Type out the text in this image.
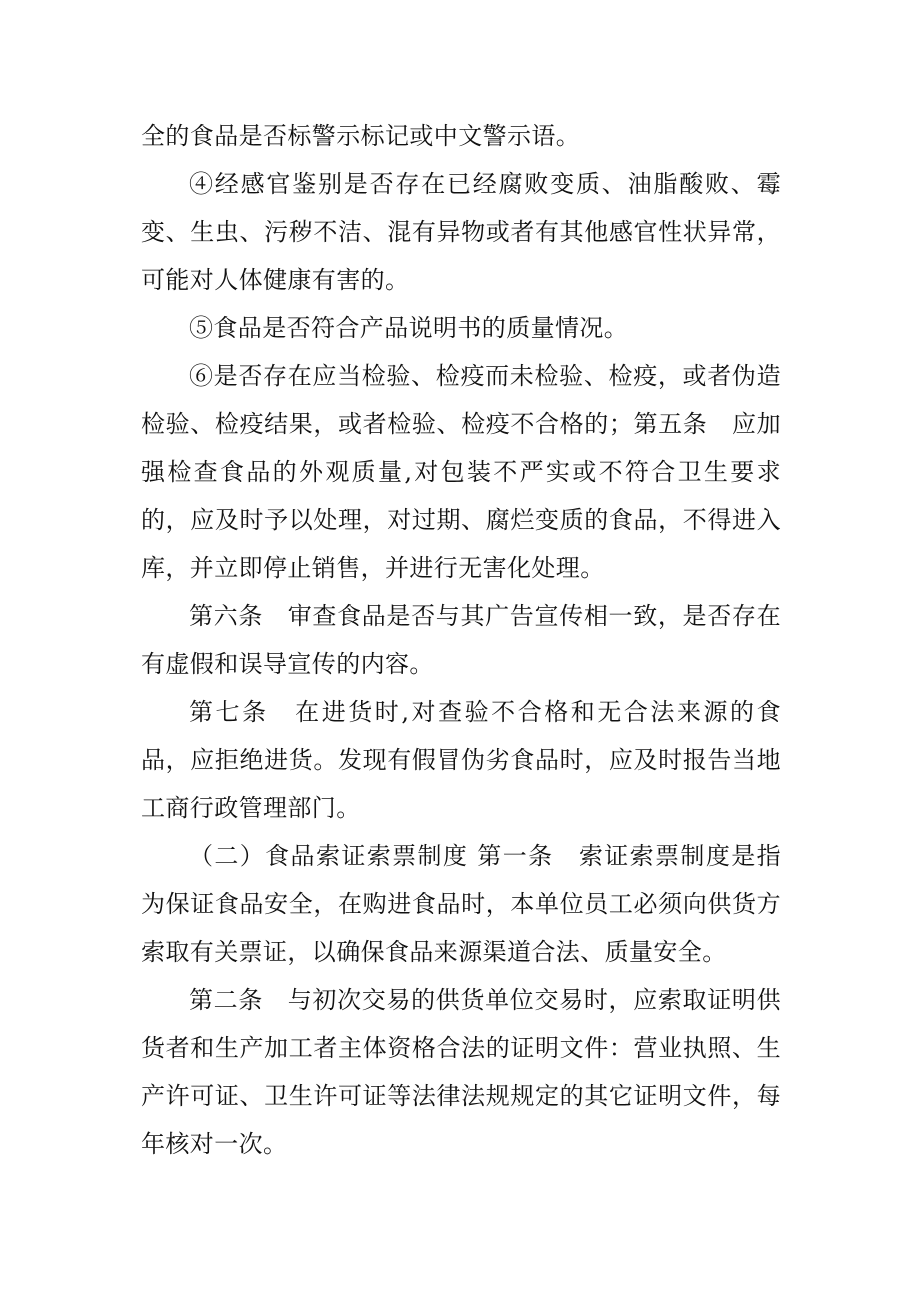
全的食品是否标警示标记或中文警示语。

④经感官鉴别是否存在已经腐败变质、油脂酸败、霉变、生虫、污秽不洁、混有异物或者有其他感官性状异常，可能对人体健康有害的。

⑤食品是否符合产品说明书的质量情况。

⑥是否存在应当检验、检疫而未检验、检疫，或者伪造检验、检疫结果，或者检验、检疫不合格的；第五条　应加强检查食品的外观质量,对包装不严实或不符合卫生要求的，应及时予以处理，对过期、腐烂变质的食品，不得进入库，并立即停止销售，并进行无害化处理。

第六条　审查食品是否与其广告宣传相一致，是否存在有虚假和误导宣传的内容。

第七条　在进货时,对查验不合格和无合法来源的食品，应拒绝进货。发现有假冒伪劣食品时，应及时报告当地工商行政管理部门。

（二）食品索证索票制度 第一条　索证索票制度是指为保证食品安全，在购进食品时，本单位员工必须向供货方索取有关票证，以确保食品来源渠道合法、质量安全。

第二条　与初次交易的供货单位交易时，应索取证明供货者和生产加工者主体资格合法的证明文件：营业执照、生产许可证、卫生许可证等法律法规规定的其它证明文件，每年核对一次。
